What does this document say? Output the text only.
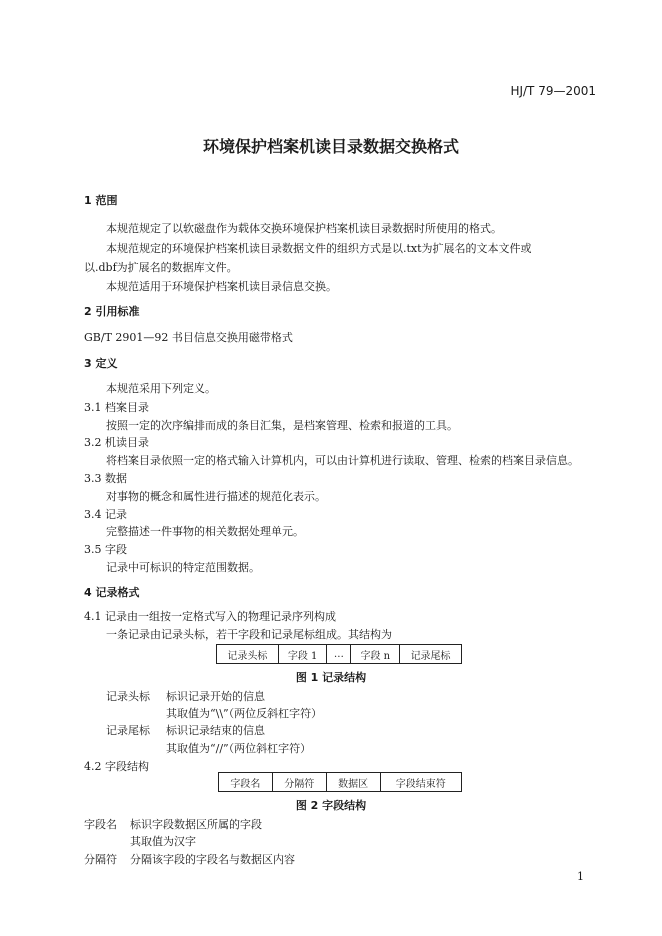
HJ/T 79—2001
环境保护档案机读目录数据交换格式
1 范围
本规范规定了以软磁盘作为载体交换环境保护档案机读目录数据时所使用的格式。
本规范规定的环境保护档案机读目录数据文件的组织方式是以.txt为扩展名的文本文件或
以.dbf为扩展名的数据库文件。
本规范适用于环境保护档案机读目录信息交换。
2 引用标准
GB/T 2901—92 书目信息交换用磁带格式
3 定义
本规范采用下列定义。
3.1 档案目录
按照一定的次序编排而成的条目汇集，是档案管理、检索和报道的工具。
3.2 机读目录
将档案目录依照一定的格式输入计算机内，可以由计算机进行读取、管理、检索的档案目录信息。
3.3 数据
对事物的概念和属性进行描述的规范化表示。
3.4 记录
完整描述一件事物的相关数据处理单元。
3.5 字段
记录中可标识的特定范围数据。
4 记录格式
4.1 记录由一组按一定格式写入的物理记录序列构成
一条记录由记录头标，若干字段和记录尾标组成。其结构为
记录头标	字段 1	…	字段 n	记录尾标
图 1 记录结构
记录头标 标识记录开始的信息
其取值为“\\”（两位反斜杠字符）
记录尾标 标识记录结束的信息
其取值为“//”（两位斜杠字符）
4.2 字段结构
字段名	分隔符	数据区	字段结束符
图 2 字段结构
字段名 标识字段数据区所属的字段
其取值为汉字
分隔符 分隔该字段的字段名与数据区内容
1
